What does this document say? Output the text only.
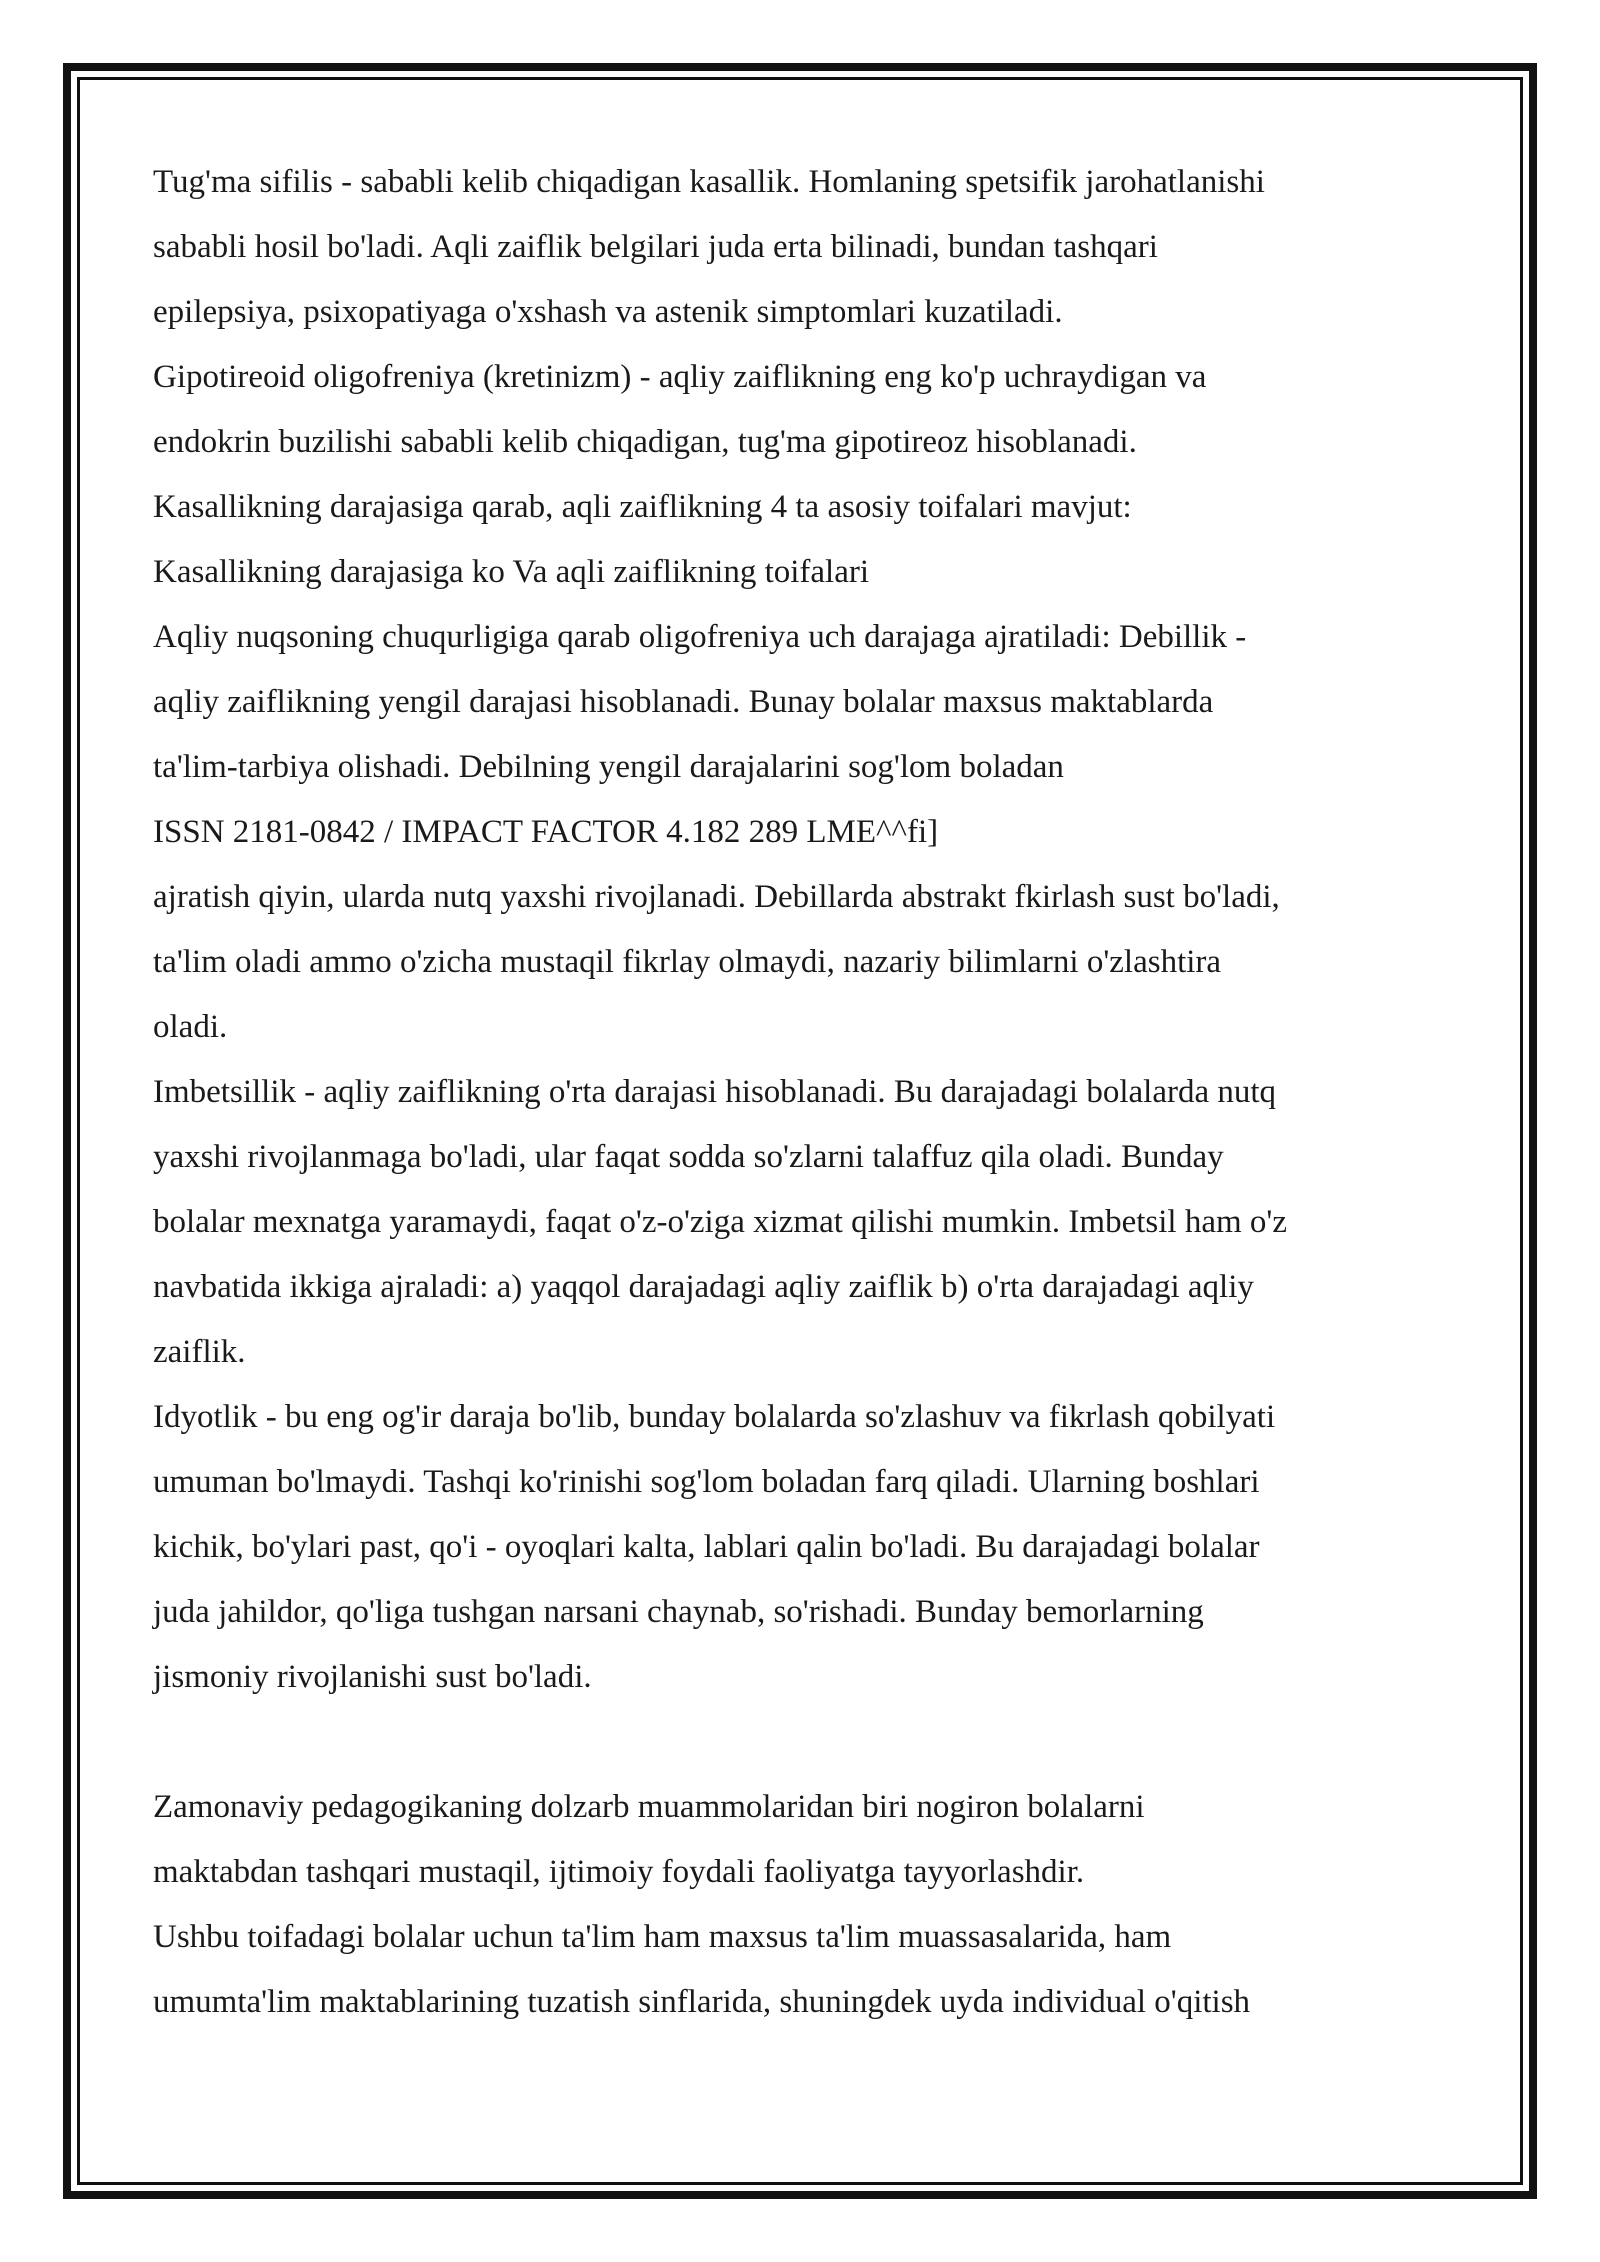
Tug'ma sifilis - sababli kelib chiqadigan kasallik. Homlaning spetsifik jarohatlanishi

sababli hosil bo'ladi. Aqli zaiflik belgilari juda erta bilinadi, bundan tashqari

epilepsiya, psixopatiyaga o'xshash va astenik simptomlari kuzatiladi.

Gipotireoid oligofreniya (kretinizm) - aqliy zaiflikning eng ko'p uchraydigan va

endokrin buzilishi sababli kelib chiqadigan, tug'ma gipotireoz hisoblanadi.

Kasallikning darajasiga qarab, aqli zaiflikning 4 ta asosiy toifalari mavjut:

Kasallikning darajasiga ko Va aqli zaiflikning toifalari

Aqliy nuqsoning chuqurligiga qarab oligofreniya uch darajaga ajratiladi: Debillik -

aqliy zaiflikning yengil darajasi hisoblanadi. Bunay bolalar maxsus maktablarda

ta'lim-tarbiya olishadi. Debilning yengil darajalarini sog'lom boladan

ISSN 2181-0842 / IMPACT FACTOR 4.182 289 LME^^fi]

ajratish qiyin, ularda nutq yaxshi rivojlanadi. Debillarda abstrakt fkirlash sust bo'ladi,

ta'lim oladi ammo o'zicha mustaqil fikrlay olmaydi, nazariy bilimlarni o'zlashtira

oladi.

Imbetsillik - aqliy zaiflikning o'rta darajasi hisoblanadi. Bu darajadagi bolalarda nutq

yaxshi rivojlanmaga bo'ladi, ular faqat sodda so'zlarni talaffuz qila oladi. Bunday

bolalar mexnatga yaramaydi, faqat o'z-o'ziga xizmat qilishi mumkin. Imbetsil ham o'z

navbatida ikkiga ajraladi: a) yaqqol darajadagi aqliy zaiflik b) o'rta darajadagi aqliy

zaiflik.

Idyotlik - bu eng og'ir daraja bo'lib, bunday bolalarda so'zlashuv va fikrlash qobilyati

umuman bo'lmaydi. Tashqi ko'rinishi sog'lom boladan farq qiladi. Ularning boshlari

kichik, bo'ylari past, qo'i - oyoqlari kalta, lablari qalin bo'ladi. Bu darajadagi bolalar

juda jahildor, qo'liga tushgan narsani chaynab, so'rishadi. Bunday bemorlarning

jismoniy rivojlanishi sust bo'ladi.

Zamonaviy pedagogikaning dolzarb muammolaridan biri nogiron bolalarni

maktabdan tashqari mustaqil, ijtimoiy foydali faoliyatga tayyorlashdir.

Ushbu toifadagi bolalar uchun ta'lim ham maxsus ta'lim muassasalarida, ham

umumta'lim maktablarining tuzatish sinflarida, shuningdek uyda individual o'qitish
